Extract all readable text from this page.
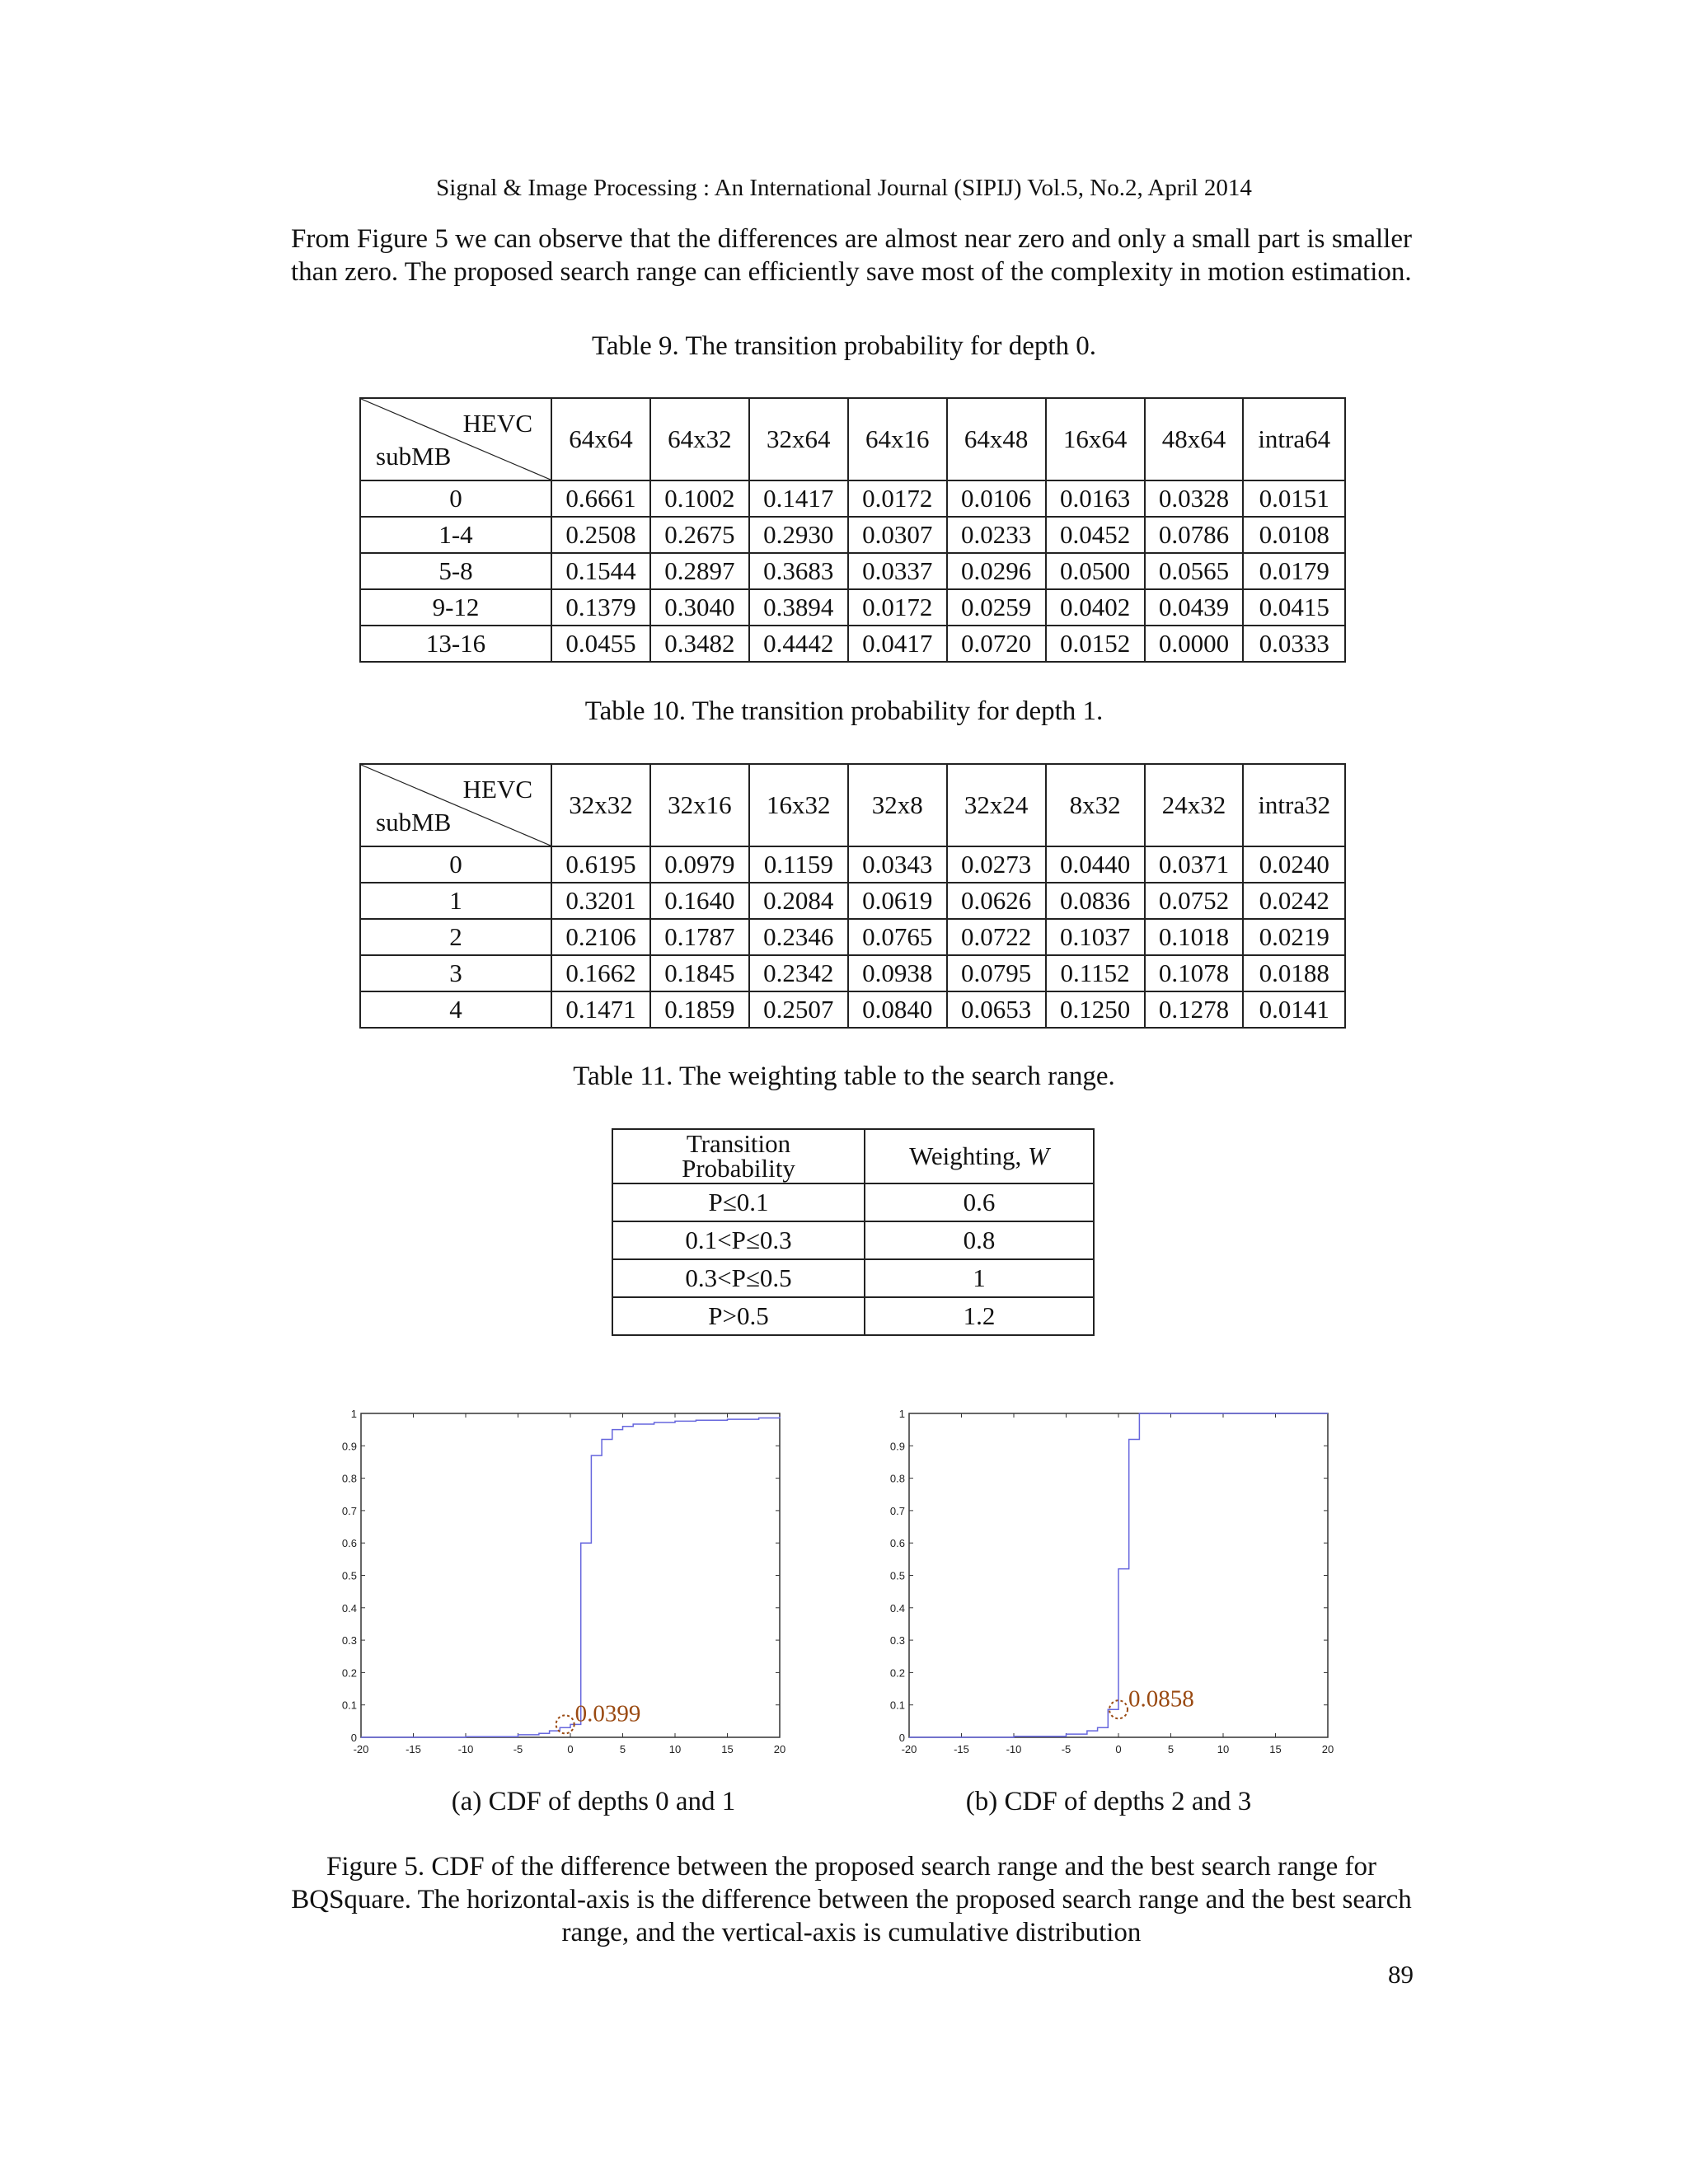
Signal & Image Processing : An International Journal (SIPIJ) Vol.5, No.2, April 2014
From Figure 5 we can observe that the differences are almost near zero and only a small part is smaller than zero. The proposed search range can efficiently save most of the complexity in motion estimation.
Table 9. The transition probability for depth 0.
HEVC
subMB	64x64	64x32	32x64	64x16	64x48	16x64	48x64	intra64
0	0.6661	0.1002	0.1417	0.0172	0.0106	0.0163	0.0328	0.0151
1-4	0.2508	0.2675	0.2930	0.0307	0.0233	0.0452	0.0786	0.0108
5-8	0.1544	0.2897	0.3683	0.0337	0.0296	0.0500	0.0565	0.0179
9-12	0.1379	0.3040	0.3894	0.0172	0.0259	0.0402	0.0439	0.0415
13-16	0.0455	0.3482	0.4442	0.0417	0.0720	0.0152	0.0000	0.0333
Table 10. The transition probability for depth 1.
HEVC
subMB	32x32	32x16	16x32	32x8	32x24	8x32	24x32	intra32
0	0.6195	0.0979	0.1159	0.0343	0.0273	0.0440	0.0371	0.0240
1	0.3201	0.1640	0.2084	0.0619	0.0626	0.0836	0.0752	0.0242
2	0.2106	0.1787	0.2346	0.0765	0.0722	0.1037	0.1018	0.0219
3	0.1662	0.1845	0.2342	0.0938	0.0795	0.1152	0.1078	0.0188
4	0.1471	0.1859	0.2507	0.0840	0.0653	0.1250	0.1278	0.0141
Table 11. The weighting table to the search range.
Transition
Probability	Weighting, W
P≤0.1	0.6
0.1<P≤0.3	0.8
0.3<P≤0.5	1
P>0.5	1.2
-20	-15	-10	-5	0	5	10	15	20
0
0.1
0.2
0.3
0.4
0.5
0.6
0.7
0.8
0.9
1
0.0399
-20	-15	-10	-5	0	5	10	15	20
0
0.1
0.2
0.3
0.4
0.5
0.6
0.7
0.8
0.9
1
0.0858
(a) CDF of depths 0 and 1	(b) CDF of depths 2 and 3
Figure 5. CDF of the difference between the proposed search range and the best search range for BQSquare. The horizontal-axis is the difference between the proposed search range and the best search range, and the vertical-axis is cumulative distribution
89
